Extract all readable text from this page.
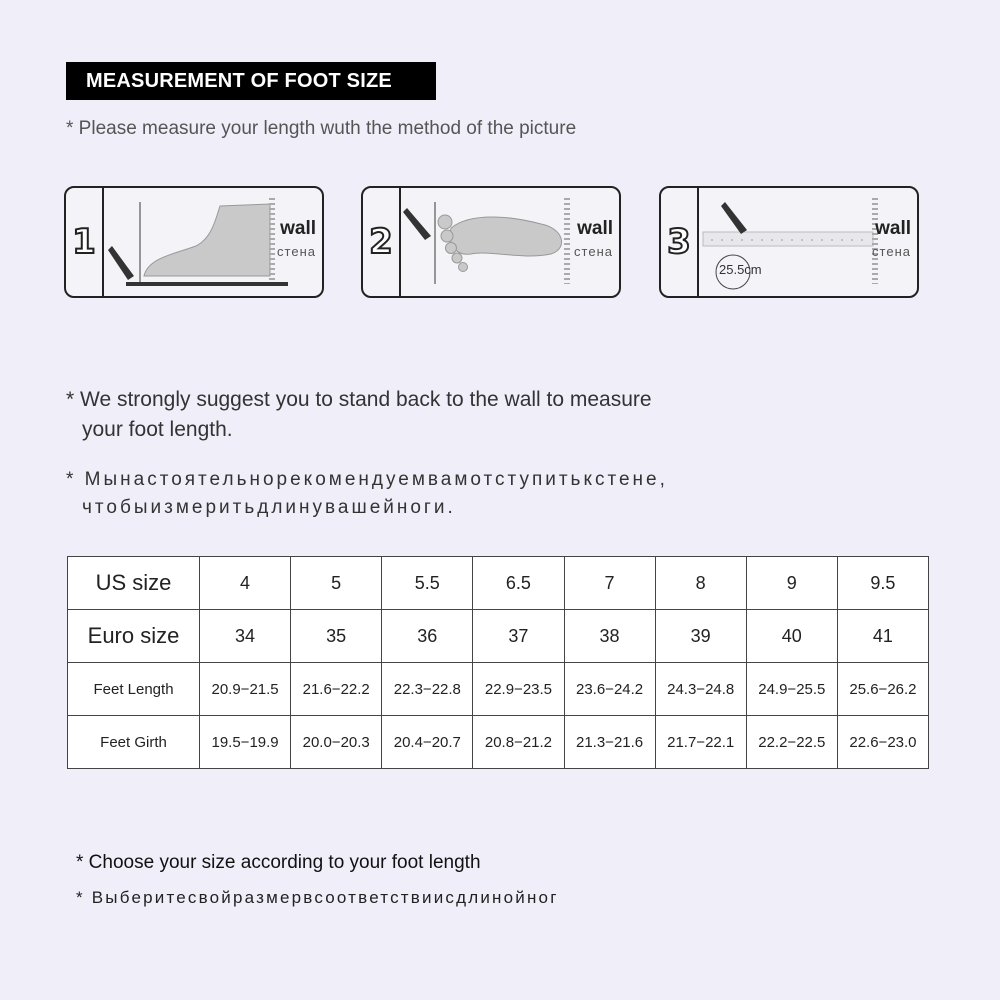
MEASUREMENT OF FOOT SIZE
* Please measure your length wuth the method of the picture
1	wall
стена 2	wall
стена 3
25.5cm
wall
стена
* We strongly suggest you to stand back to the wall to measure
your foot length.
* Мынастоятельнорекомендуемвамотступитькстене,
чтобыизмеритьдлинувашейноги.
US size	4	5	5.5	6.5	7	8	9	9.5
Euro size	34	35	36	37	38	39	40	41
Feet Length	20.9−21.5	21.6−22.2	22.3−22.8	22.9−23.5	23.6−24.2	24.3−24.8	24.9−25.5	25.6−26.2
Feet Girth	19.5−19.9	20.0−20.3	20.4−20.7	20.8−21.2	21.3−21.6	21.7−22.1	22.2−22.5	22.6−23.0
* Choose your size according to your foot length
* Выберитесвойразмервсоответствиисдлинойног
